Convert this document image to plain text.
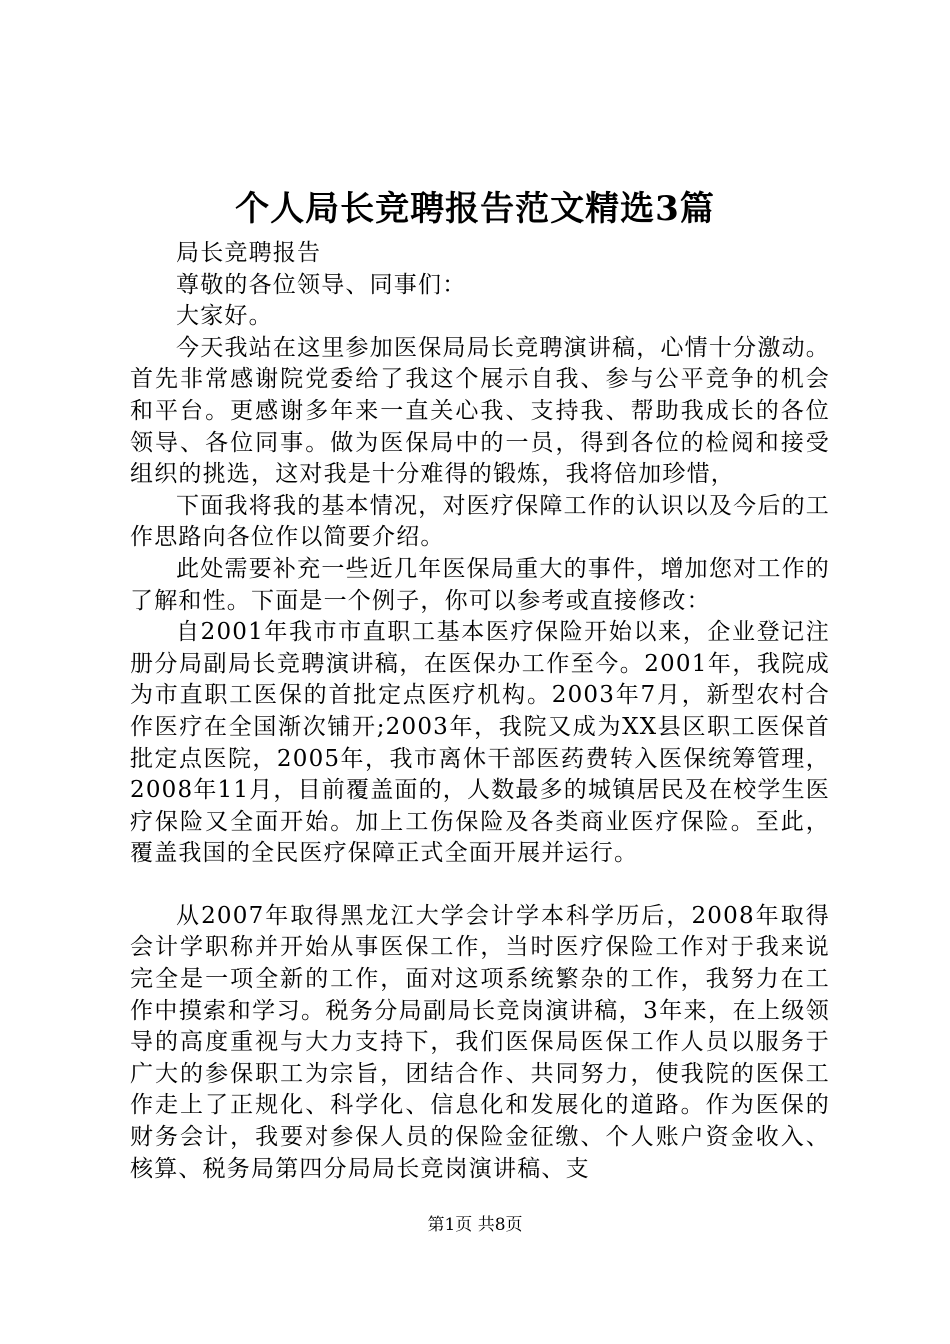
个人局长竞聘报告范文精选3篇

局长竞聘报告

尊敬的各位领导、同事们：

大家好。

今天我站在这里参加医保局局长竞聘演讲稿，心情十分激动。首先非常感谢院党委给了我这个展示自我、参与公平竞争的机会和平台。更感谢多年来一直关心我、支持我、帮助我成长的各位领导、各位同事。做为医保局中的一员，得到各位的检阅和接受组织的挑选，这对我是十分难得的锻炼，我将倍加珍惜，

下面我将我的基本情况，对医疗保障工作的认识以及今后的工作思路向各位作以简要介绍。

此处需要补充一些近几年医保局重大的事件，增加您对工作的了解和性。下面是一个例子，你可以参考或直接修改：

自2001年我市市直职工基本医疗保险开始以来，企业登记注册分局副局长竞聘演讲稿，在医保办工作至今。2001年，我院成为市直职工医保的首批定点医疗机构。2003年7月，新型农村合作医疗在全国渐次铺开;2003年，我院又成为XX县区职工医保首批定点医院，2005年，我市离休干部医药费转入医保统筹管理，2008年11月，目前覆盖面的，人数最多的城镇居民及在校学生医疗保险又全面开始。加上工伤保险及各类商业医疗保险。至此，覆盖我国的全民医疗保障正式全面开展并运行。

从2007年取得黑龙江大学会计学本科学历后，2008年取得会计学职称并开始从事医保工作，当时医疗保险工作对于我来说完全是一项全新的工作，面对这项系统繁杂的工作，我努力在工作中摸索和学习。税务分局副局长竞岗演讲稿，3年来，在上级领导的高度重视与大力支持下，我们医保局医保工作人员以服务于广大的参保职工为宗旨，团结合作、共同努力，使我院的医保工作走上了正规化、科学化、信息化和发展化的道路。作为医保的财务会计，我要对参保人员的保险金征缴、个人账户资金收入、核算、税务局第四分局局长竞岗演讲稿、支

第1页 共8页
